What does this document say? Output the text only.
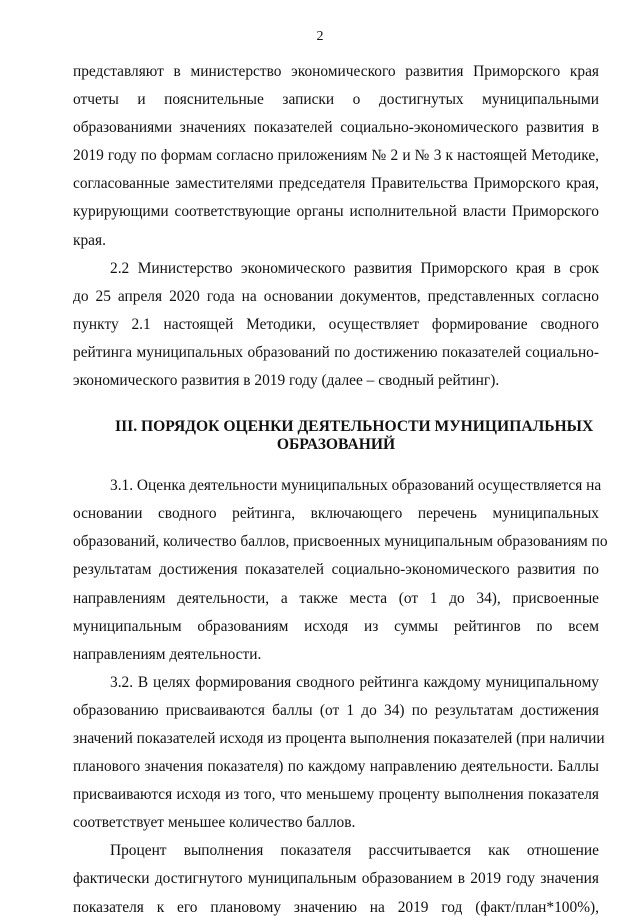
2

представляют в министерство экономического развития Приморского края
отчеты и пояснительные записки о достигнутых муниципальными
образованиями значениях показателей социально-экономического развития в
2019 году по формам согласно приложениям № 2 и № 3 к настоящей Методике,
согласованные заместителями председателя Правительства Приморского края,
курирующими соответствующие органы исполнительной власти Приморского
края.

2.2 Министерство экономического развития Приморского края в срок
до 25 апреля 2020 года на основании документов, представленных согласно
пункту 2.1 настоящей Методики, осуществляет формирование сводного
рейтинга муниципальных образований по достижению показателей социально-
экономического развития в 2019 году (далее – сводный рейтинг).

III. ПОРЯДОК ОЦЕНКИ ДЕЯТЕЛЬНОСТИ МУНИЦИПАЛЬНЫХ
ОБРАЗОВАНИЙ

3.1. Оценка деятельности муниципальных образований осуществляется на
основании сводного рейтинга, включающего перечень муниципальных
образований, количество баллов, присвоенных муниципальным образованиям по
результатам достижения показателей социально-экономического развития по
направлениям деятельности, а также места (от 1 до 34), присвоенные
муниципальным образованиям исходя из суммы рейтингов по всем
направлениям деятельности.

3.2. В целях формирования сводного рейтинга каждому муниципальному
образованию присваиваются баллы (от 1 до 34) по результатам достижения
значений показателей исходя из процента выполнения показателей (при наличии
планового значения показателя) по каждому направлению деятельности. Баллы
присваиваются исходя из того, что меньшему проценту выполнения показателя
соответствует меньшее количество баллов.

Процент выполнения показателя рассчитывается как отношение
фактически достигнутого муниципальным образованием в 2019 году значения
показателя к его плановому значению на 2019 год (факт/план*100%),
